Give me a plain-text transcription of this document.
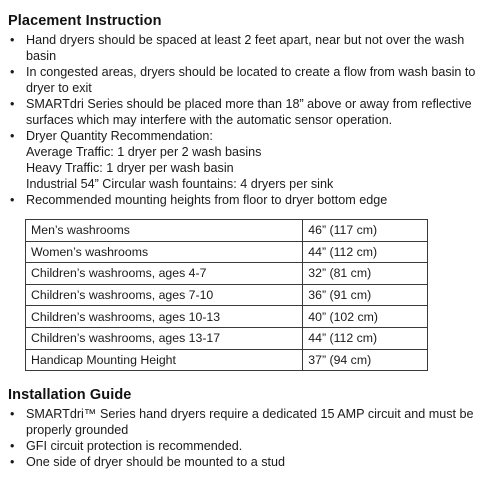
Placement Instruction
• Hand dryers should be spaced at least 2 feet apart, near but not over the wash basin
• In congested areas, dryers should be located to create a flow from wash basin to dryer to exit
• SMARTdri Series should be placed more than 18” above or away from reflective surfaces which may interfere with the automatic sensor operation.
• Dryer Quantity Recommendation:
Average Traffic: 1 dryer per 2 wash basins
Heavy Traffic: 1 dryer per wash basin
Industrial 54” Circular wash fountains: 4 dryers per sink
• Recommended mounting heights from floor to dryer bottom edge
Men’s washrooms	46” (117 cm)
Women’s washrooms	44” (112 cm)
Children’s washrooms, ages 4-7	32” (81 cm)
Children’s washrooms, ages 7-10	36” (91 cm)
Children’s washrooms, ages 10-13	40” (102 cm)
Children’s washrooms, ages 13-17	44” (112 cm)
Handicap Mounting Height	37” (94 cm)
Installation Guide
• SMARTdri™ Series hand dryers require a dedicated 15 AMP circuit and must be properly grounded
• GFI circuit protection is recommended.
• One side of dryer should be mounted to a stud
